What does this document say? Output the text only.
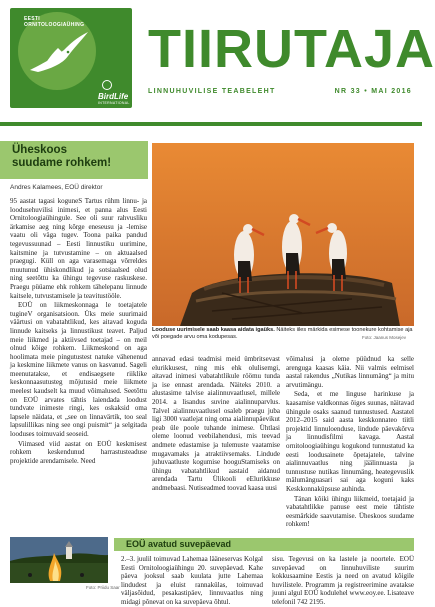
EESTI ORNITOLOOGIAÜHING
BirdLife
INTERNATIONAL
TIIRUTAJA
LINNUHUVILISE TEABELEHT	NR 33 • MAI 2016
Üheskoos
suudame rohkem!
Andres Kalamees, EOÜ direktor

95 aastat tagasi koguneS Tartus rühm linnu- ja loodusehuvilisi inimesi, et panna alus Eesti Ornitoloogiaühingule. See oli suur rahvusliku ärkamise aeg ning kõrge eneseusu ja -lemise vaatu oli väga tugev. Toona paika pandud tegevussuunad – Eesti linnustiku uurimine, kaitsmine ja tutvustamine – on aktuaalsed praegugi. Küll on aga varasemaga võrreldes muutunud ühiskondlikud ja sotsiaalsed olud ning seetõttu ka ühingu tegevuse raskuskese. Praegu püüame ehk rohkem tähelepanu linnude kaitsele, tutvustamisele ja teavitustööle.

EOÜ on liikmeskonnaga le toetajatele tugineV organisatsioon. Üks meie suurimaid väärtusi on vabatahtlikud, kes aitavad koguda linnude kaitseks ja linnustikust teavet. Paljud meie liikmed ja aktiivsed toetajad – on meil olnud kõige rohkem. Liikmeskond on aga hoolimata meie pingutustest natuke vähenenud ja keskmine liikmete vanus on kasvanud. Sageli meenutatakse, et endisaegsete riiklike keskonnaasutusteg mõjutusid meie liikmete meelest kaudselt ka muud võimalused. Seetõttu on EOÜ arvates tähtis laiendada loodust tundvate inimeste ringi, kes oskaksid oma lapsele näidata, et „see on linnavärtik, too seal lapsulillikas ning see ongi puismit“ ja selgitada looduses toimuvaid seoseid.

Viimased viid aastat on EOÜ keskmisest rohkem keskendunud harrastusteaduse projektide arendamisele. Need

Looduse uurimisele saab kaasa aidata igaüks. Näiteks iiles märkida esimese toonekure kohtamise aja või poegade arvu oma kodupesas.	Foto: Jaanus Mosejev

annavad edasi teadmisi meid ümbritsevast elurikkusest, ning mis ehk olulisemgi, aitavad inimesi vabatahtlikule röömu tunda ja ise ennast arendada. Näiteks 2010. a alustasime talvise aialinnuvaatlusel, millele 2014. a lisandus suvine aialinnuparvlus. Talvel aialinnuvaatlusel osaleb praegu juba ligi 3000 vaatlejat ning oma aialinnupäevikut peab üle poole tuhande inimese. Ühtlasi oleme loonud veebilahendusi, mis teevad andmete edastamise ja tulemuste vaatamise mugavamaks ja atraktiivsemaks. Lindude juhuvaatluste kogumise hooguStamiseks on ühingu vabatahtlikud aastaid aidanud arendada Tartu Ülikooli eElurikkuse andmebaasi. Nutiseadmed toovad kaasa uusi

võimalusi ja oleme püüdnud ka selle arenguga kaasas käia. Nii valmis eelmisel aastal rakendus „Nutikas linnumäng“ ja mitu arvutimängu.

Seda, et me linguse harinkuse ja kaasamise valdkonnas õiges suunas, näitavad ühingule osaks saanud tunnustused. Aastatel 2012–2015 said aasta keskkonnateo tiitli projektid linnuloenduse, lindude päevakõrva ja linnudisfilmi kavaga. Aastal ornitoloogiaühingu kogukond tunnustatud ka eesti loodusainete õpetajatele, talvine aialinnuvaatlus ning jäälinnuasta ja tunnustuse nutikas linnumäng, heategevuslik mälumänguasari sai aga koguni kaks Keskkonnaküpsuse auhinda.

Tänan kõiki ühingu liikmeid, toetajaid ja vabatahtlikke panuse eest meie tähtiste eesmärkide saavutamise. Üheskoos suudame rohkem!

Foto: Priidu Saar
EOÜ avatud suvepäevad

2.–3. juulil toimuvad Lahemaa lääneservas Kolgal Eesti Ornitoloogiaühingu 20. suvepäevad. Kahe päeva jooksul saab kuulata jutte Lahemaa lindudest ja eluist rannakülas, toimuvad väljasõidud, pesakastipäev, linnuvaatlus ning midagi põnevat on ka suvepäeva õhtul.

sisu. Tegevusi on ka lastele ja noortele. EOÜ suvepäevad on linnuhuviliste suurim kokkusaamine Eestis ja need on avatud kõigile huvilistele. Programm ja registreerimine avatakse juuni algul EOÜ kodulehel www.eoy.ee. Lisateave telefonil 742 2195.
